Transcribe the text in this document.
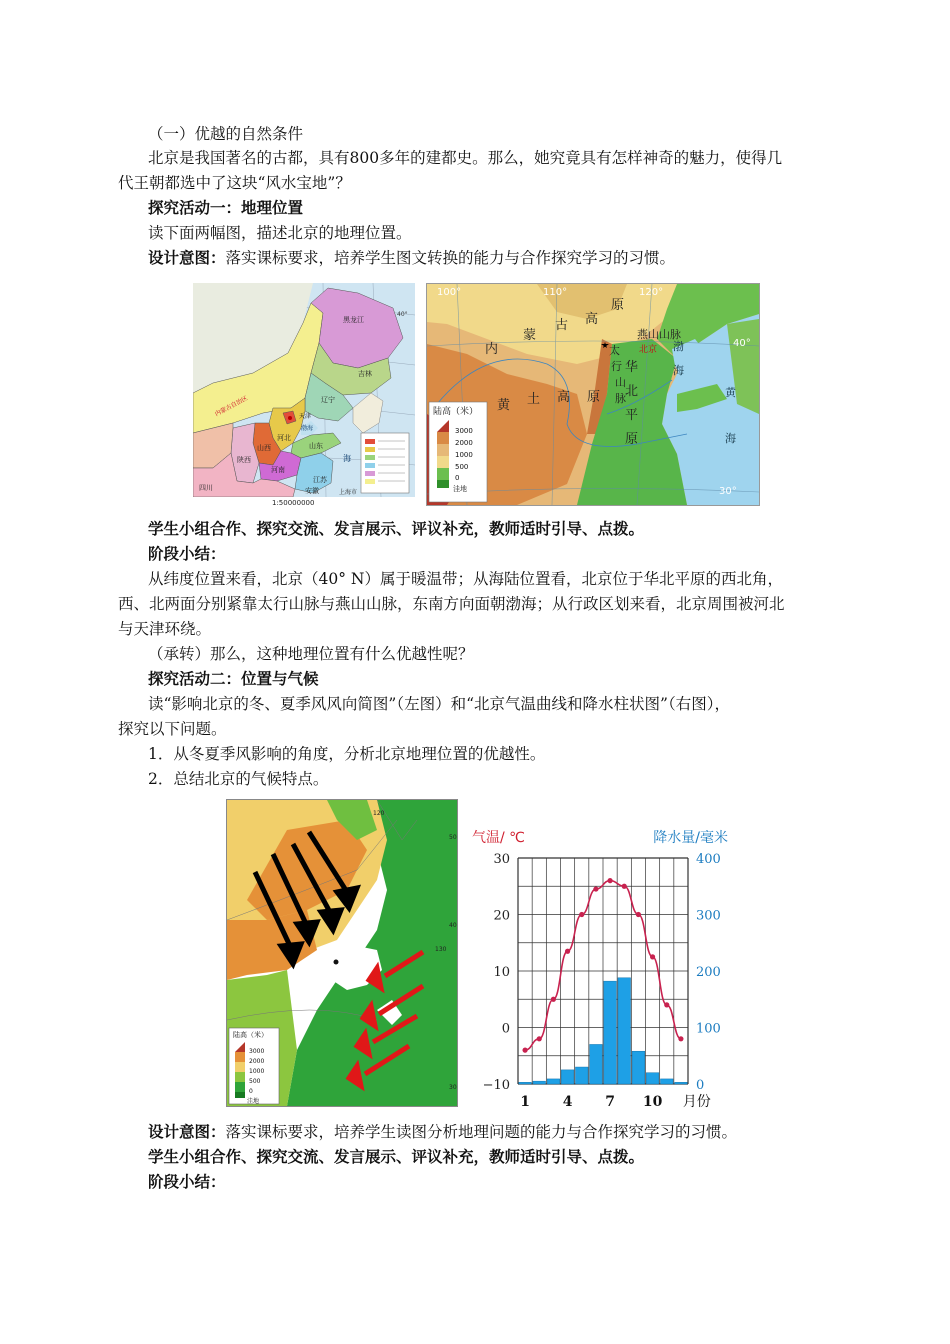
（一）优越的自然条件
北京是我国著名的古都，具有800多年的建都史。那么，她究竟具有怎样神奇的魅力，使得几
代王朝都选中了这块“风水宝地”？
探究活动一：地理位置
读下面两幅图，描述北京的地理位置。
设计意图：落实课标要求，培养学生图文转换的能力与合作探究学习的习惯。
黑龙江
吉林
辽宁
内蒙古自治区	天津
河北
山西	山东
河南
江苏
安徽
陕西
渤海
海
上海市
四川
40°
1:50000000
100°	110°	120°
40°
30°
内
蒙
古 高
原
黄 土 高 原
太
行
山
脉
燕山山脉
北京
华
北
平
原
渤
海
黄
海
陆高（米）
3000
2000
1000
500
0
洼地
学生小组合作、探究交流、发言展示、评议补充，教师适时引导、点拨。
阶段小结：
从纬度位置来看，北京（40° N）属于暖温带；从海陆位置看，北京位于华北平原的西北角，
西、北两面分别紧靠太行山脉与燕山山脉，东南方向面朝渤海；从行政区划来看，北京周围被河北
与天津环绕。
（承转）那么，这种地理位置有什么优越性呢？
探究活动二：位置与气候
读“影响北京的冬、夏季风风向简图”（左图）和“北京气温曲线和降水柱状图”（右图），
探究以下问题。
1．从冬夏季风影响的角度，分析北京地理位置的优越性。
2．总结北京的气候特点。
120
130
50
40
30
陆高（米）
3000
2000
1000
500
0
洼地
30
20
10
0
−10
400
300
200
100
0
1 4 7 10 月份
气温/ ℃	降水量/毫米
设计意图：落实课标要求，培养学生读图分析地理问题的能力与合作探究学习的习惯。
学生小组合作、探究交流、发言展示、评议补充，教师适时引导、点拨。
阶段小结：
